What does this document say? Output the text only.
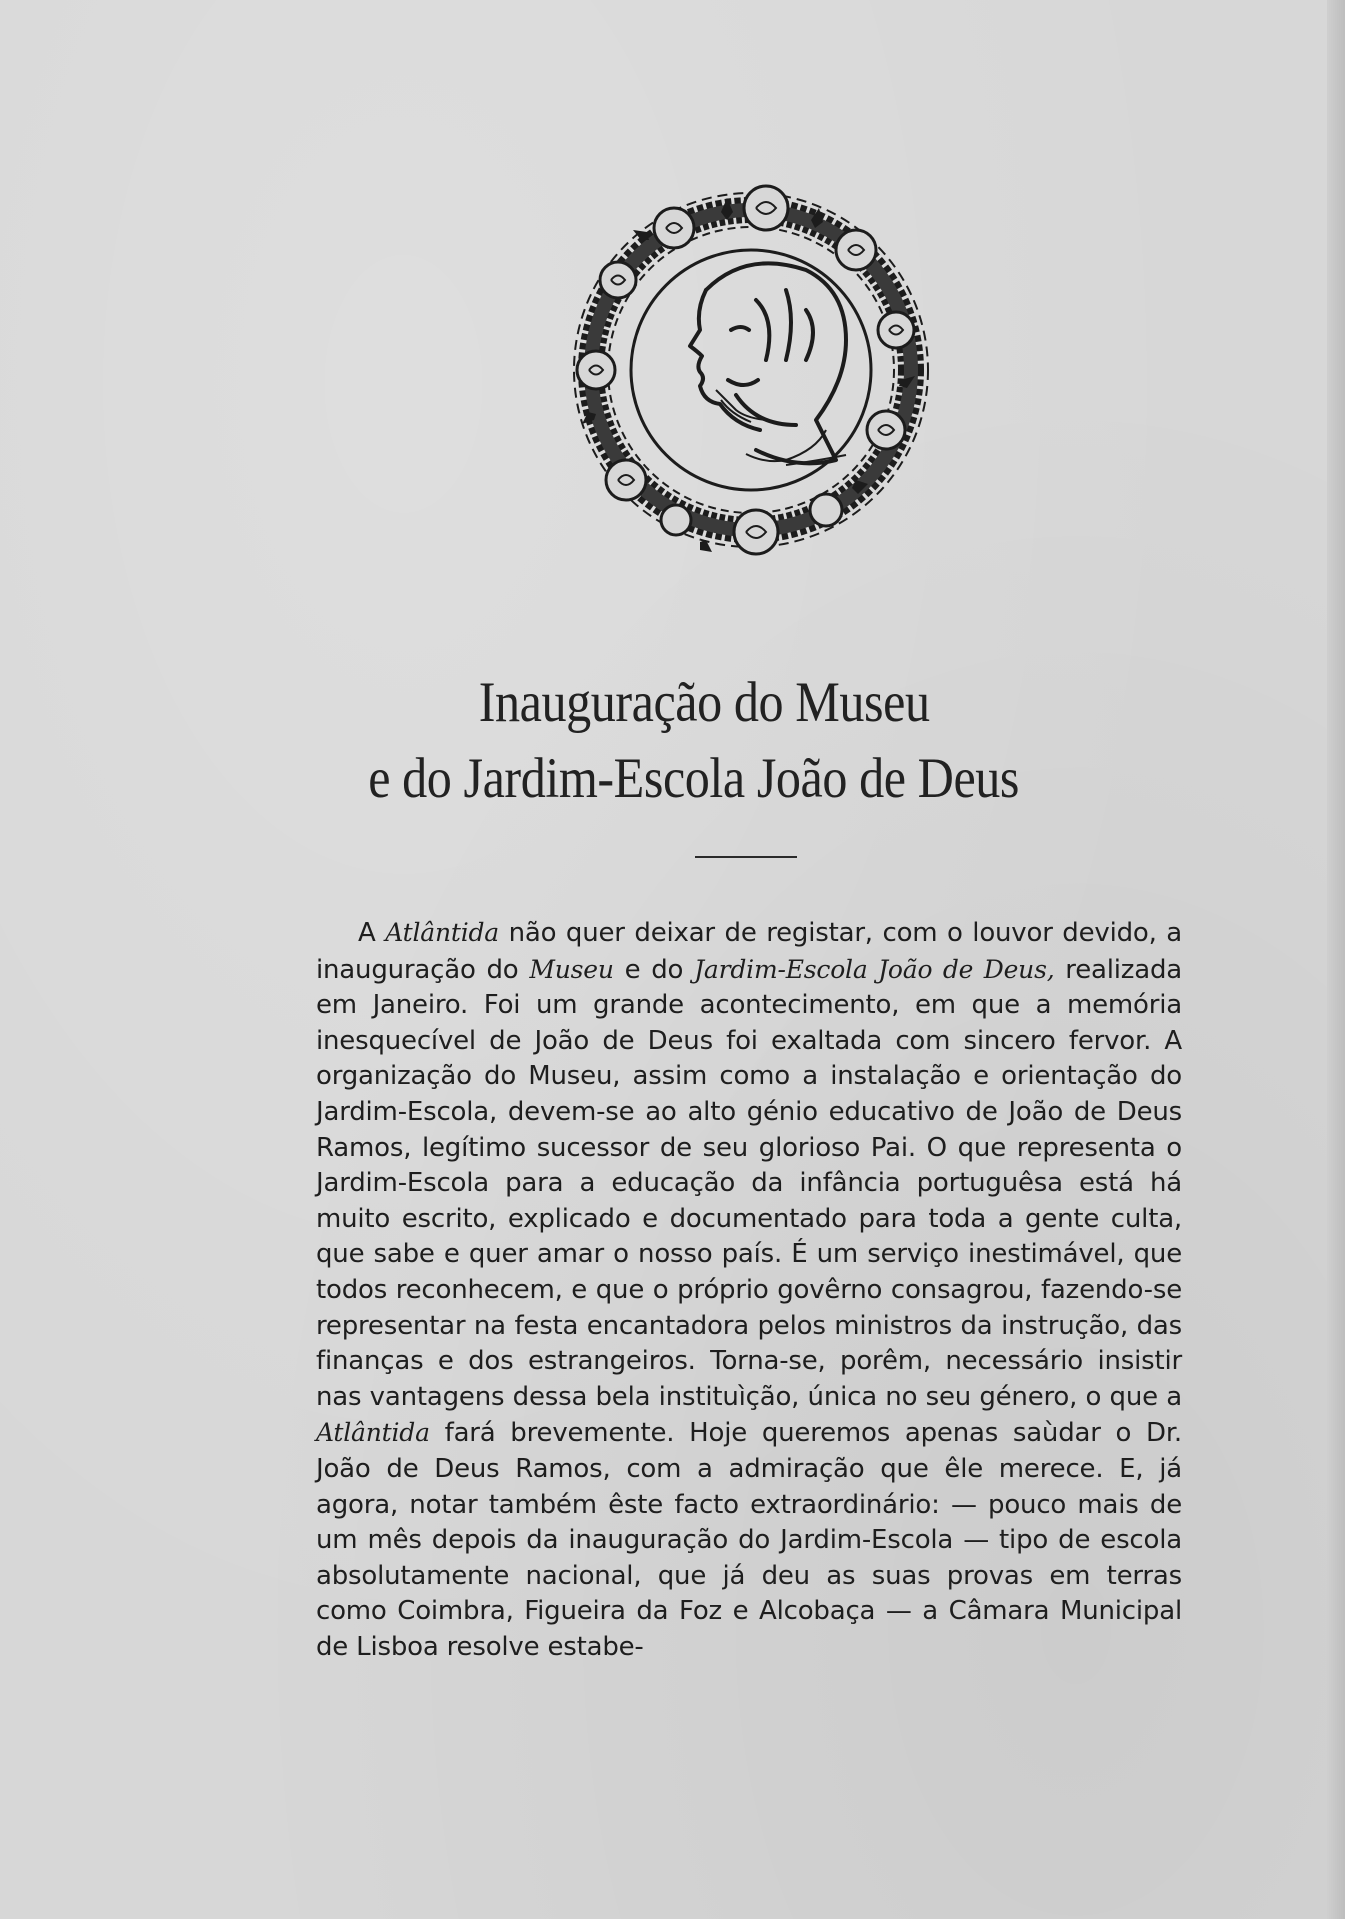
Inauguração do Museu
e do Jardim-Escola João de Deus

A Atlântida não quer deixar de registar, com o louvor devido, a inauguração do Museu e do Jardim-Escola João de Deus, realizada em Janeiro. Foi um grande acontecimento, em que a memória inesquecível de João de Deus foi exaltada com sincero fervor. A organização do Museu, assim como a instalação e orientação do Jardim-Escola, devem-se ao alto génio educativo de João de Deus Ramos, legítimo sucessor de seu glorioso Pai. O que representa o Jardim-Escola para a educação da infância portuguêsa está há muito escrito, explicado e documentado para toda a gente culta, que sabe e quer amar o nosso país. É um serviço inestimável, que todos reconhecem, e que o próprio govêrno consagrou, fazendo-se representar na festa encantadora pelos ministros da instrução, das finanças e dos estrangeiros. Torna-se, porêm, necessário insistir nas vantagens dessa bela instituìção, única no seu género, o que a Atlântida fará brevemente. Hoje queremos apenas saùdar o Dr. João de Deus Ramos, com a admiração que êle merece. E, já agora, notar também êste facto extraordinário: — pouco mais de um mês depois da inauguração do Jardim-Escola — tipo de escola absolutamente nacional, que já deu as suas provas em terras como Coimbra, Figueira da Foz e Alcobaça — a Câmara Municipal de Lisboa resolve estabe-
